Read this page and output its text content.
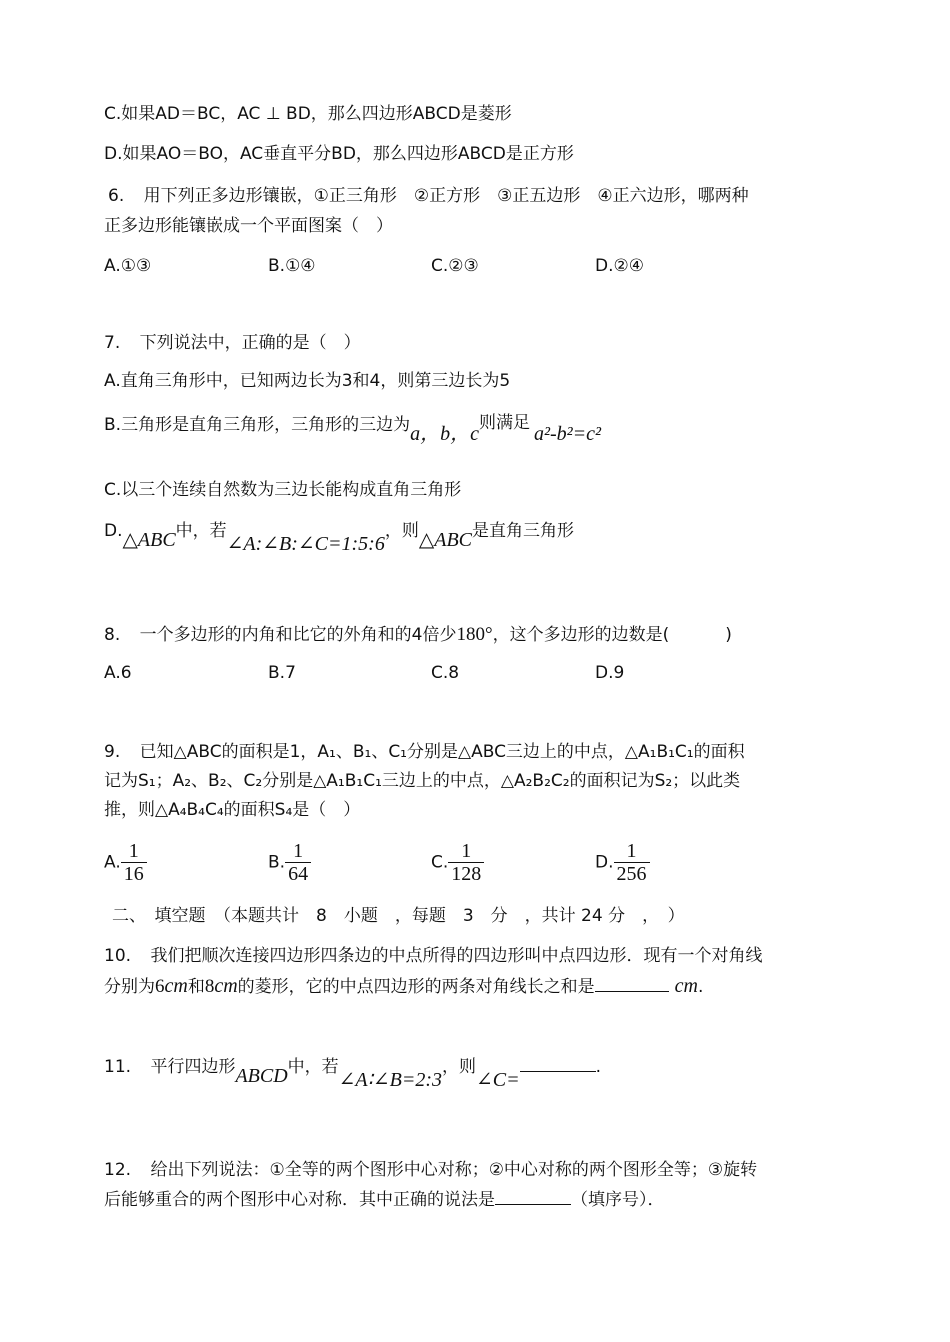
C.如果AD＝BC，AC ⊥ BD，那么四边形ABCD是菱形
D.如果AO＝BO，AC垂直平分BD，那么四边形ABCD是正方形
6. 用下列正多边形镶嵌，①正三角形　②正方形　③正五边形　④正六边形，哪两种
正多边形能镶嵌成一个平面图案（　）
A.①③	B.①④	C.②③	D.②④
7. 下列说法中，正确的是（　）
A.直角三角形中，已知两边长为3和4，则第三边长为5
B.三角形是直角三角形，三角形的三边为a，b，c则满足 a²-b²=c²
C.以三个连续自然数为三边长能构成直角三角形
D.△ABC中，若∠A:∠B:∠C=1:5:6，则△ABC是直角三角形
8. 一个多边形的内角和比它的外角和的4倍少180°，这个多边形的边数是(	)
A.6	B.7	C.8	D.9
9. 已知△ABC的面积是1，A₁、B₁、C₁分别是△ABC三边上的中点，△A₁B₁C₁的面积
记为S₁；A₂、B₂、C₂分别是△A₁B₁C₁三边上的中点，△A₂B₂C₂的面积记为S₂；以此类
推，则△A₄B₄C₄的面积S₄是（　）
A. $\frac{1}{16}$	B. $\frac{1}{64}$	C. $\frac{1}{128}$	D. $\frac{1}{256}$
二、　填空题　（本题共计　8　小题　，每题　3　分　，共计 24 分　，　）
10. 我们把顺次连接四边形四条边的中点所得的四边形叫中点四边形．现有一个对角线
分别为6cm和8cm的菱形，它的中点四边形的两条对角线长之和是	cm.
11. 平行四边形ABCD中，若∠A∶∠B=2:3，则∠C=.
12. 给出下列说法：①全等的两个图形中心对称；②中心对称的两个图形全等；③旋转
后能够重合的两个图形中心对称．其中正确的说法是	（填序号）．
